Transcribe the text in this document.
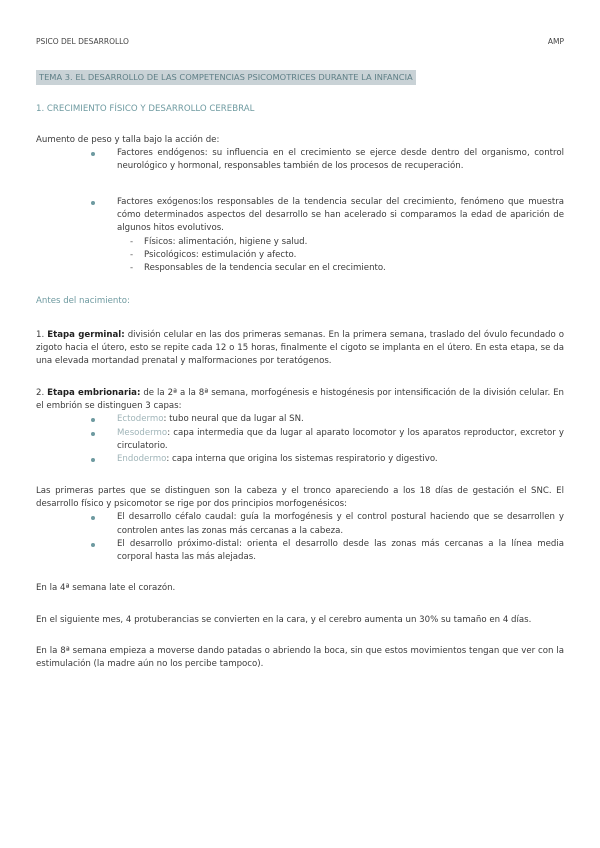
PSICO DEL DESARROLLO	AMP
TEMA 3. EL DESARROLLO DE LAS COMPETENCIAS PSICOMOTRICES DURANTE LA INFANCIA
1. CRECIMIENTO FÍSICO Y DESARROLLO CEREBRAL

Aumento de peso y talla bajo la acción de:

Factores endógenos: su influencia en el crecimiento se ejerce desde dentro del organismo, control neurológico y hormonal, responsables también de los procesos de recuperación.
Factores exógenos:los responsables de la tendencia secular del crecimiento, fenómeno que muestra cómo determinados aspectos del desarrollo se han acelerado si comparamos la edad de aparición de algunos hitos evolutivos.
- Físicos: alimentación, higiene y salud.
- Psicológicos: estimulación y afecto.
- Responsables de la tendencia secular en el crecimiento.
Antes del nacimiento:

1. Etapa germinal: división celular en las dos primeras semanas. En la primera semana, traslado del óvulo fecundado o zigoto hacia el útero, esto se repite cada 12 o 15 horas, finalmente el cigoto se implanta en el útero. En esta etapa, se da una elevada mortandad prenatal y malformaciones por teratógenos.

2. Etapa embrionaria: de la 2ª a la 8ª semana, morfogénesis e histogénesis por intensificación de la división celular. En el embrión se distinguen 3 capas:

Ectodermo: tubo neural que da lugar al SN.
Mesodermo: capa intermedia que da lugar al aparato locomotor y los aparatos reproductor, excretor y circulatorio.
Endodermo: capa interna que origina los sistemas respiratorio y digestivo.

Las primeras partes que se distinguen son la cabeza y el tronco apareciendo a los 18 días de gestación el SNC. El desarrollo físico y psicomotor se rige por dos principios morfogenésicos:

El desarrollo céfalo caudal: guía la morfogénesis y el control postural haciendo que se desarrollen y controlen antes las zonas más cercanas a la cabeza.
El desarrollo próximo-distal: orienta el desarrollo desde las zonas más cercanas a la línea media corporal hasta las más alejadas.

En la 4ª semana late el corazón.

En el siguiente mes, 4 protuberancias se convierten en la cara, y el cerebro aumenta un 30% su tamaño en 4 días.

En la 8ª semana empieza a moverse dando patadas o abriendo la boca, sin que estos movimientos tengan que ver con la estimulación (la madre aún no los percibe tampoco).
